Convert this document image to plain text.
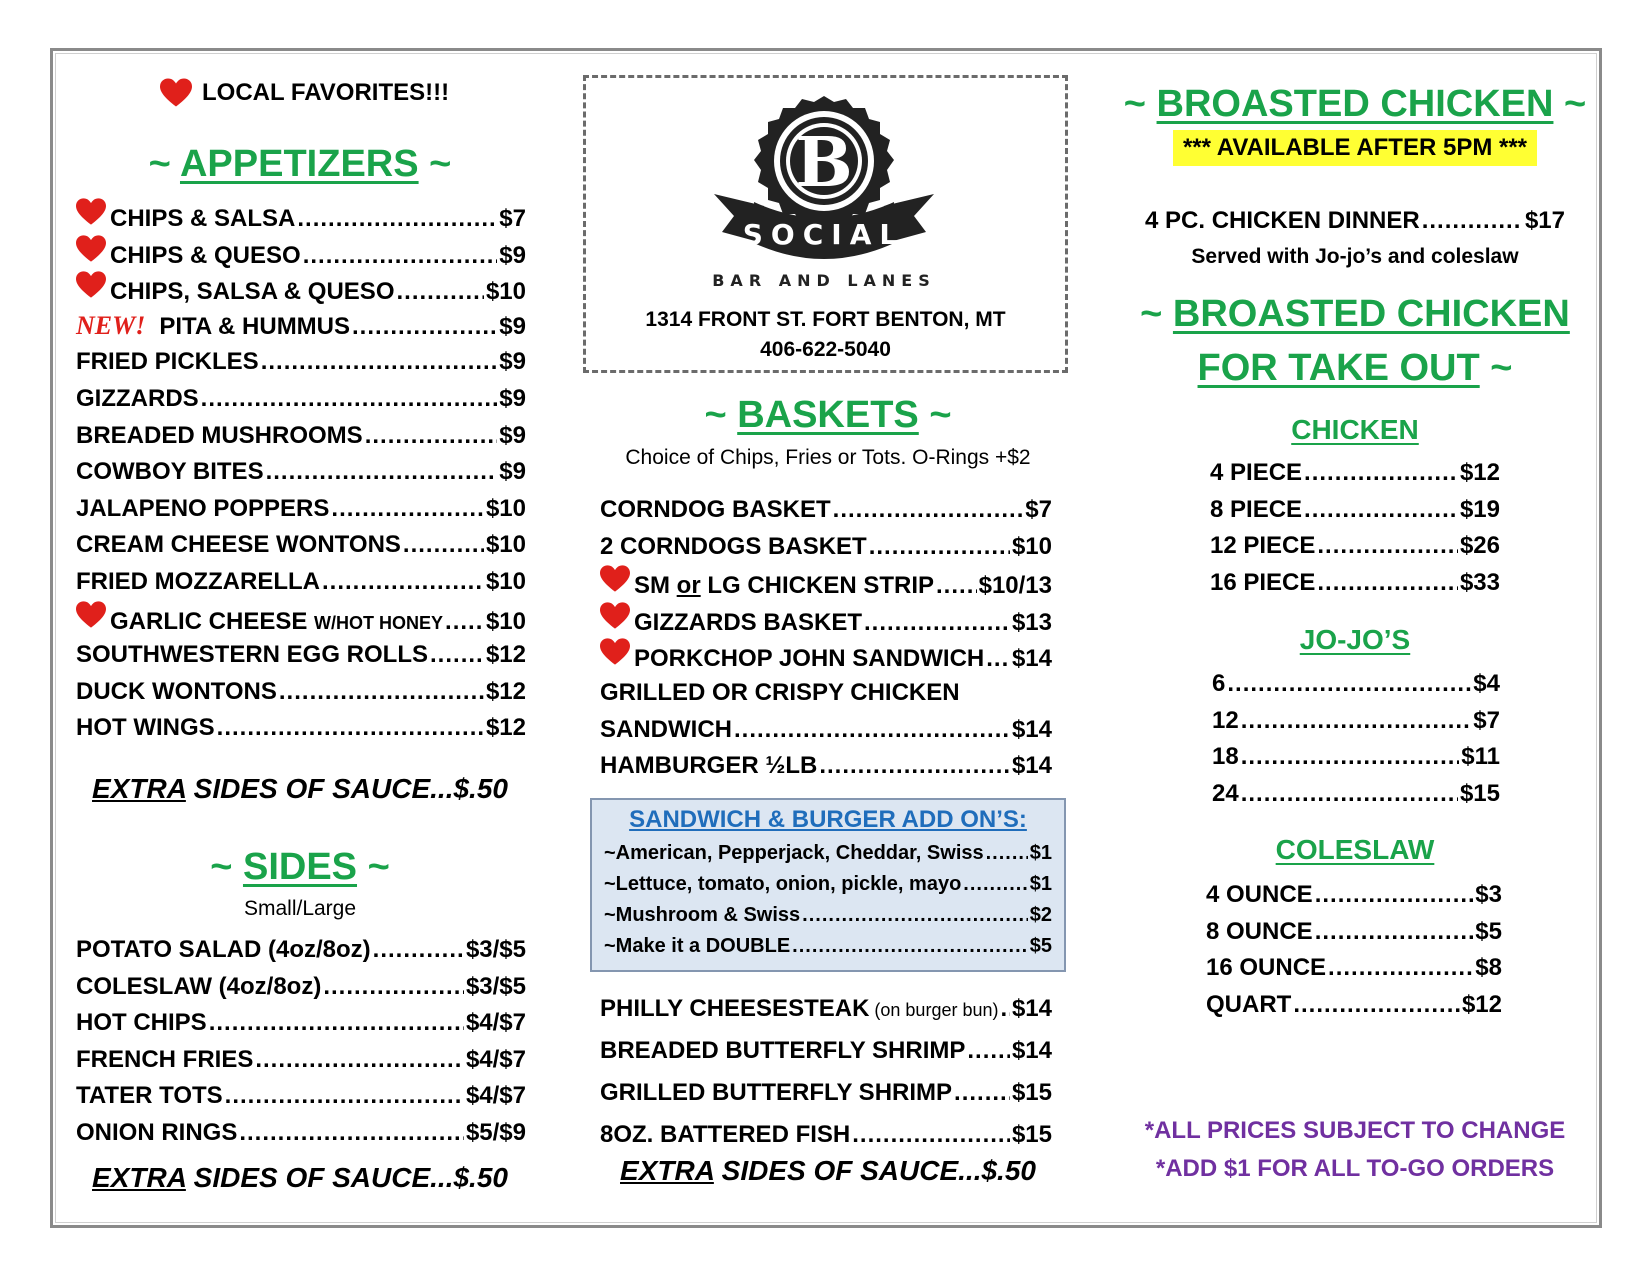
LOCAL FAVORITES!!!
~ APPETIZERS ~
CHIPS & SALSA .....	$7
CHIPS & QUESO .....	$9
CHIPS, SALSA & QUESO .....	$10
NEW! PITA & HUMMUS .....	$9
FRIED PICKLES .....	$9
GIZZARDS .....	$9
BREADED MUSHROOMS .....	$9
COWBOY BITES .....	$9
JALAPENO POPPERS .....	$10
CREAM CHEESE WONTONS .....	$10
FRIED MOZZARELLA .....	$10
GARLIC CHEESE W/HOT HONEY ..... $10
SOUTHWESTERN EGG ROLLS ..... $12
DUCK WONTONS .....	$12
HOT WINGS .....	$12
EXTRA SIDES OF SAUCE...$.50
~ SIDES ~
Small/Large
POTATO SALAD (4oz/8oz) .....	$3/$5
COLESLAW (4oz/8oz) .....	$3/$5
HOT CHIPS .....	$4/$7
FRENCH FRIES .....	$4/$7
TATER TOTS .....	$4/$7
ONION RINGS .....	$5/$9
EXTRA SIDES OF SAUCE...$.50
B
SOCIAL
BAR AND LANES
1314 FRONT ST. FORT BENTON, MT
406-622-5040
~ BASKETS ~
Choice of Chips, Fries or Tots. O-Rings +$2
CORNDOG BASKET .....	$7
2 CORNDOGS BASKET .....	$10
SM or LG CHICKEN STRIP ..... $10/13
GIZZARDS BASKET .....	$13
PORKCHOP JOHN SANDWICH ..... $14
GRILLED OR CRISPY CHICKEN
SANDWICH .....	$14
HAMBURGER ½LB .....	$14
SANDWICH & BURGER ADD ON’S:
~American, Pepperjack, Cheddar, Swiss ..... $1
~Lettuce, tomato, onion, pickle, mayo .....	$1
~Mushroom & Swiss .....	$2
~Make it a DOUBLE .....	$5
PHILLY CHEESESTEAK (on burger bun) ..... $14
BREADED BUTTERFLY SHRIMP ..... $14
GRILLED BUTTERFLY SHRIMP ..... $15
8OZ. BATTERED FISH .....	$15
EXTRA SIDES OF SAUCE...$.50
~ BROASTED CHICKEN ~
*** AVAILABLE AFTER 5PM ***
4 PC. CHICKEN DINNER .....	$17
Served with Jo-jo’s and coleslaw
~ BROASTED CHICKEN
FOR TAKE OUT ~
CHICKEN
4 PIECE .....	$12
8 PIECE .....	$19
12 PIECE .....	$26
16 PIECE .....	$33
JO-JO’S
6 .....	$4
12 .....	$7
18 .....	$11
24 .....	$15
COLESLAW
4 OUNCE .....	$3
8 OUNCE .....	$5
16 OUNCE .....	$8
QUART .....	$12
*ALL PRICES SUBJECT TO CHANGE
*ADD $1 FOR ALL TO-GO ORDERS
